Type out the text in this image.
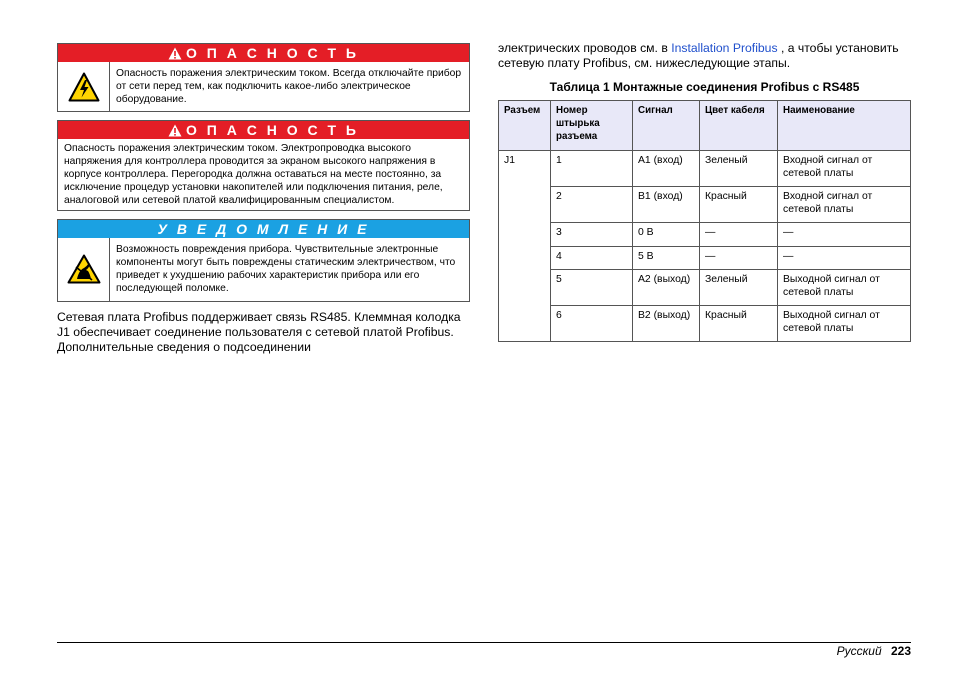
О П А С Н О С Т Ь
Опасность поражения электрическим током. Всегда отключайте прибор от сети перед тем, как подключить какое-либо электрическое оборудование.
О П А С Н О С Т Ь
Опасность поражения электрическим током. Электропроводка высокого напряжения для контроллера проводится за экраном высокого напряжения в корпусе контроллера. Перегородка должна оставаться на месте постоянно, за исключение процедур установки накопителей или подключения питания, реле, аналоговой или сетевой платой квалифицированным специалистом.
У В Е Д О М Л Е Н И Е
Возможность повреждения прибора. Чувствительные электронные компоненты могут быть повреждены статическим электричеством, что приведет к ухудшению рабочих характеристик прибора или его последующей поломке.

Сетевая плата Profibus поддерживает связь RS485. Клеммная колодка J1 обеспечивает соединение пользователя с сетевой платой Profibus. Дополнительные сведения о подсоединении

электрических проводов см. в Installation Profibus , а чтобы установить сетевую плату Profibus, см. нижеследующие этапы.

Таблица 1 Монтажные соединения Profibus с RS485
Разъем	Номер штырька разъема	Сигнал	Цвет кабеля	Наименование
J1	1	A1 (вход)	Зеленый	Входной сигнал от сетевой платы
	2	B1 (вход)	Красный	Входной сигнал от сетевой платы
	3	0 В	—	—
	4	5 В	—	—
	5	A2 (выход)	Зеленый	Выходной сигнал от сетевой платы
	6	B2 (выход)	Красный	Выходной сигнал от сетевой платы
Русский 223
